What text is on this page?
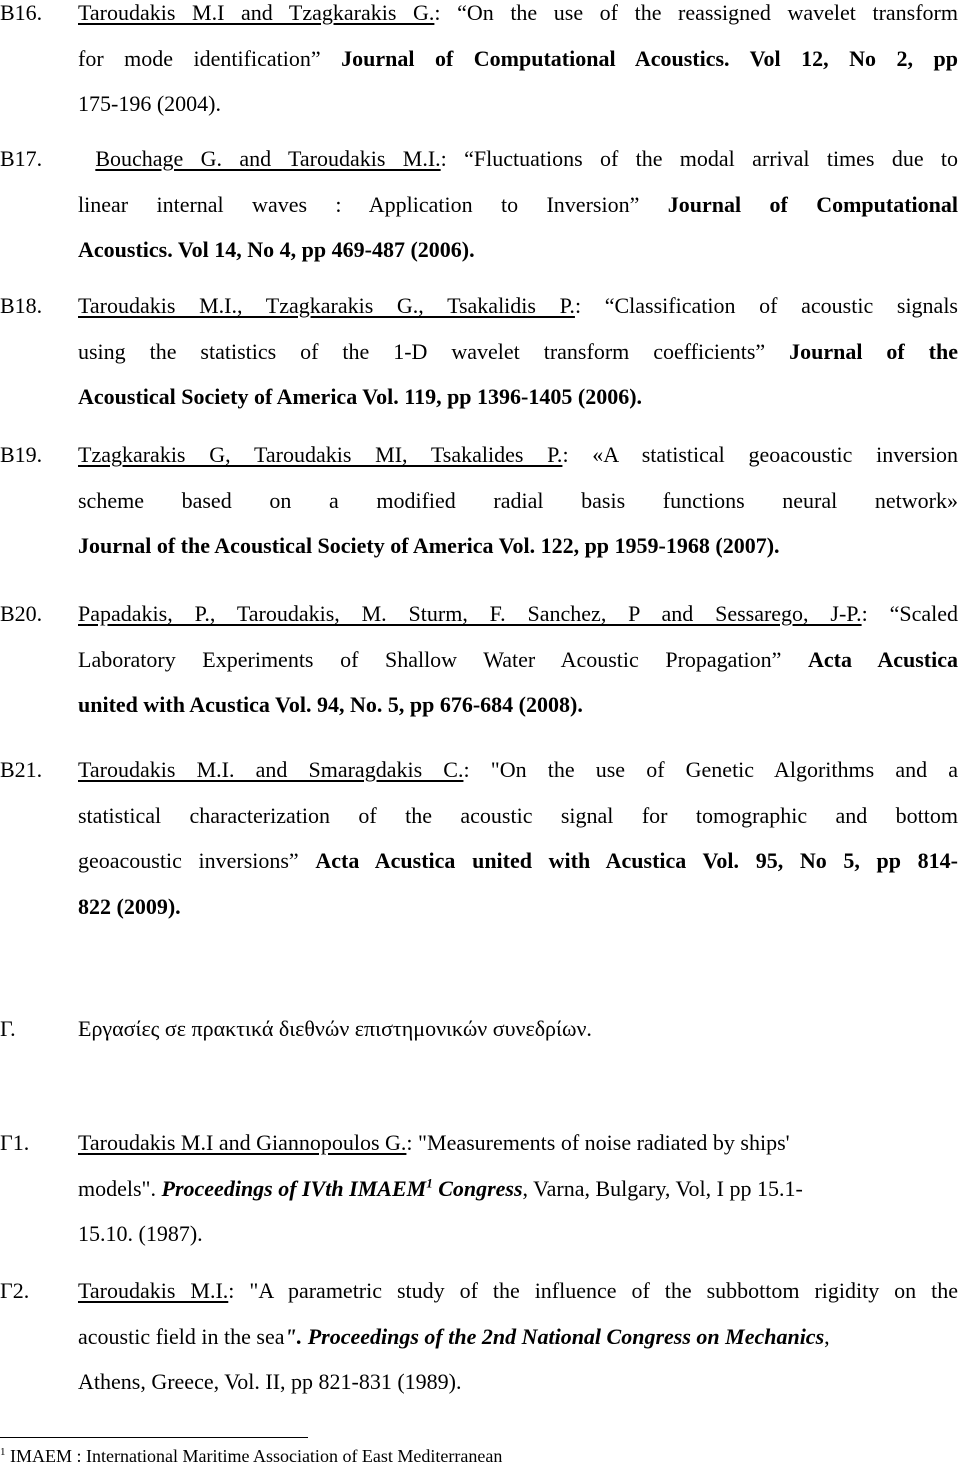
B16.	Taroudakis M.I and Tzagkarakis G.: “On the use of the reassigned wavelet transform
for mode identification” Journal of Computational Acoustics. Vol 12, No 2, pp
175-196 (2004).
B17.	Bouchage G. and Taroudakis M.I.: “Fluctuations of the modal arrival times due to
linear internal waves : Application to Inversion” Journal of Computational
Acoustics. Vol 14, No 4, pp 469-487 (2006).
B18.	Taroudakis M.I., Tzagkarakis G., Tsakalidis P.: “Classification of acoustic signals
using the statistics of the 1-D wavelet transform coefficients” Journal of the
Acoustical Society of America Vol. 119, pp 1396-1405 (2006).
B19.	Tzagkarakis G, Taroudakis MI, Tsakalides P.: «A statistical geoacoustic inversion
scheme based on a modified radial basis functions neural network»
Journal of the Acoustical Society of America Vol. 122, pp 1959-1968 (2007).
B20.	Papadakis, P., Taroudakis, M. Sturm, F. Sanchez, P and Sessarego, J-P.: “Scaled
Laboratory Experiments of Shallow Water Acoustic Propagation” Acta Acustica
united with Acustica Vol. 94, No. 5, pp 676-684 (2008).
B21.	Taroudakis M.I. and Smaragdakis C.: "On the use of Genetic Algorithms and a
statistical characterization of the acoustic signal for tomographic and bottom
geoacoustic inversions” Acta Acustica united with Acustica Vol. 95, No 5, pp 814-
822 (2009).
Γ.	Εργασίες σε πρακτικά διεθνών επιστημονικών συνεδρίων.
Γ1.	Taroudakis M.I and Giannopoulos G.: "Measurements of noise radiated by ships'
models". Proceedings of IVth IMAEM$^1$ Congress, Varna, Bulgary, Vol, I pp 15.1-
15.10. (1987).
Γ2.	Taroudakis M.I.: "A parametric study of the influence of the subbottom rigidity on the
acoustic field in the sea". Proceedings of the 2nd National Congress on Mechanics,
Athens, Greece, Vol. II, pp 821-831 (1989).
$^1$ IMAEM : International Maritime Association of East Mediterranean
